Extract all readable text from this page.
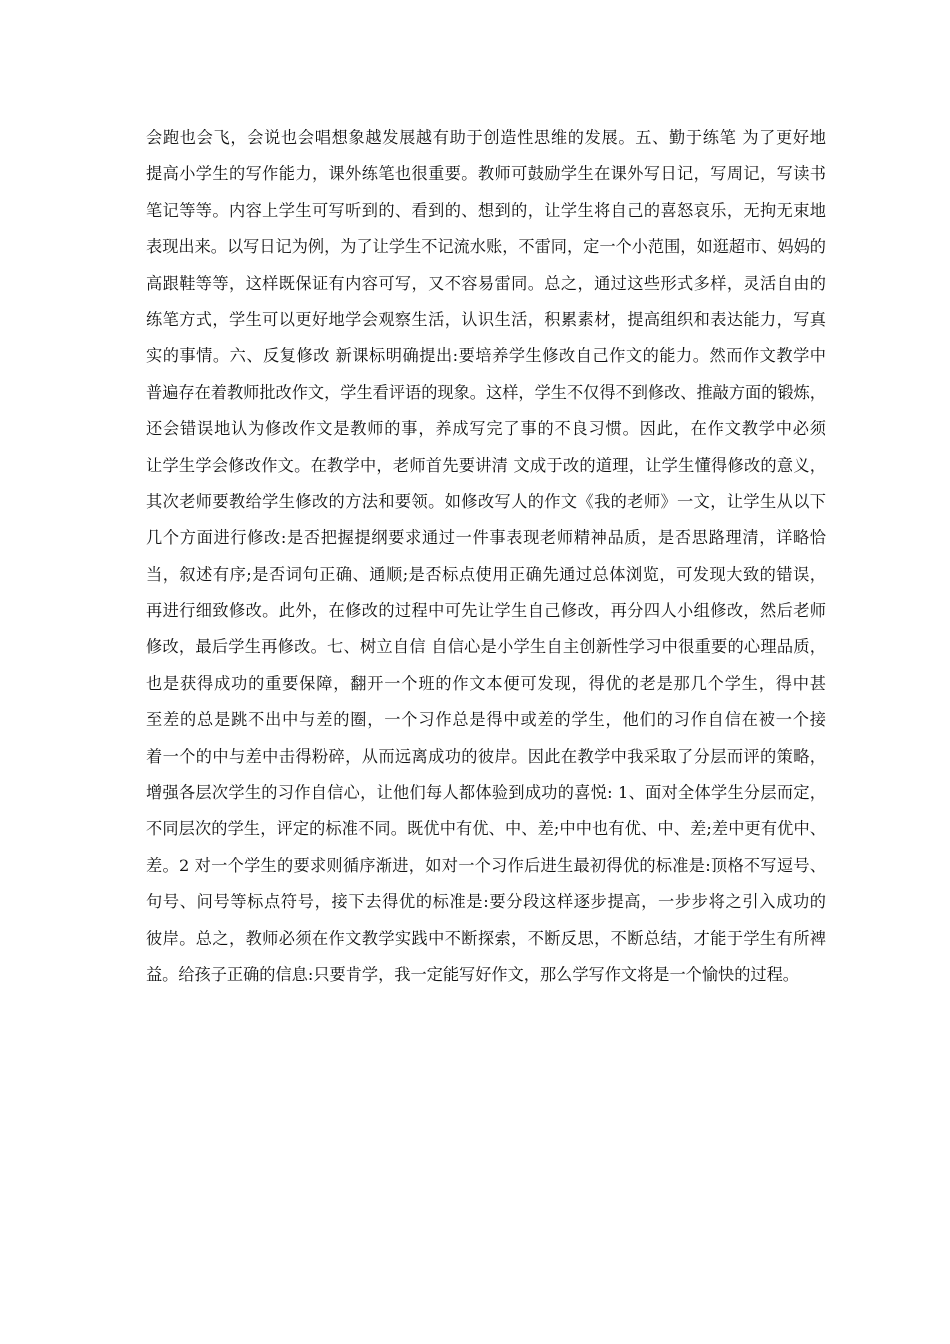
会跑也会飞，会说也会唱想象越发展越有助于创造性思维的发展。五、勤于练笔 为了更好地
提高小学生的写作能力，课外练笔也很重要。教师可鼓励学生在课外写日记，写周记，写读书
笔记等等。内容上学生可写听到的、看到的、想到的，让学生将自己的喜怒哀乐，无拘无束地
表现出来。以写日记为例，为了让学生不记流水账，不雷同，定一个小范围，如逛超市、妈妈的
高跟鞋等等，这样既保证有内容可写，又不容易雷同。总之，通过这些形式多样，灵活自由的
练笔方式，学生可以更好地学会观察生活，认识生活，积累素材，提高组织和表达能力，写真
实的事情。六、反复修改 新课标明确提出:要培养学生修改自己作文的能力。然而作文教学中
普遍存在着教师批改作文，学生看评语的现象。这样，学生不仅得不到修改、推敲方面的锻炼，
还会错误地认为修改作文是教师的事，养成写完了事的不良习惯。因此，在作文教学中必须
让学生学会修改作文。在教学中，老师首先要讲清 文成于改的道理，让学生懂得修改的意义，
其次老师要教给学生修改的方法和要领。如修改写人的作文《我的老师》一文，让学生从以下
几个方面进行修改:是否把握提纲要求通过一件事表现老师精神品质，是否思路理清，详略恰
当，叙述有序;是否词句正确、通顺;是否标点使用正确先通过总体浏览，可发现大致的错误，
再进行细致修改。此外，在修改的过程中可先让学生自己修改，再分四人小组修改，然后老师
修改，最后学生再修改。七、树立自信 自信心是小学生自主创新性学习中很重要的心理品质，
也是获得成功的重要保障，翻开一个班的作文本便可发现，得优的老是那几个学生，得中甚
至差的总是跳不出中与差的圈，一个习作总是得中或差的学生，他们的习作自信在被一个接
着一个的中与差中击得粉碎，从而远离成功的彼岸。因此在教学中我采取了分层而评的策略，
增强各层次学生的习作自信心，让他们每人都体验到成功的喜悦: 1、面对全体学生分层而定，
不同层次的学生，评定的标准不同。既优中有优、中、差;中中也有优、中、差;差中更有优中、
差。2 对一个学生的要求则循序渐进，如对一个习作后进生最初得优的标准是:顶格不写逗号、
句号、问号等标点符号，接下去得优的标准是:要分段这样逐步提高，一步步将之引入成功的
彼岸。总之，教师必须在作文教学实践中不断探索，不断反思，不断总结，才能于学生有所裨
益。给孩子正确的信息:只要肯学，我一定能写好作文，那么学写作文将是一个愉快的过程。
